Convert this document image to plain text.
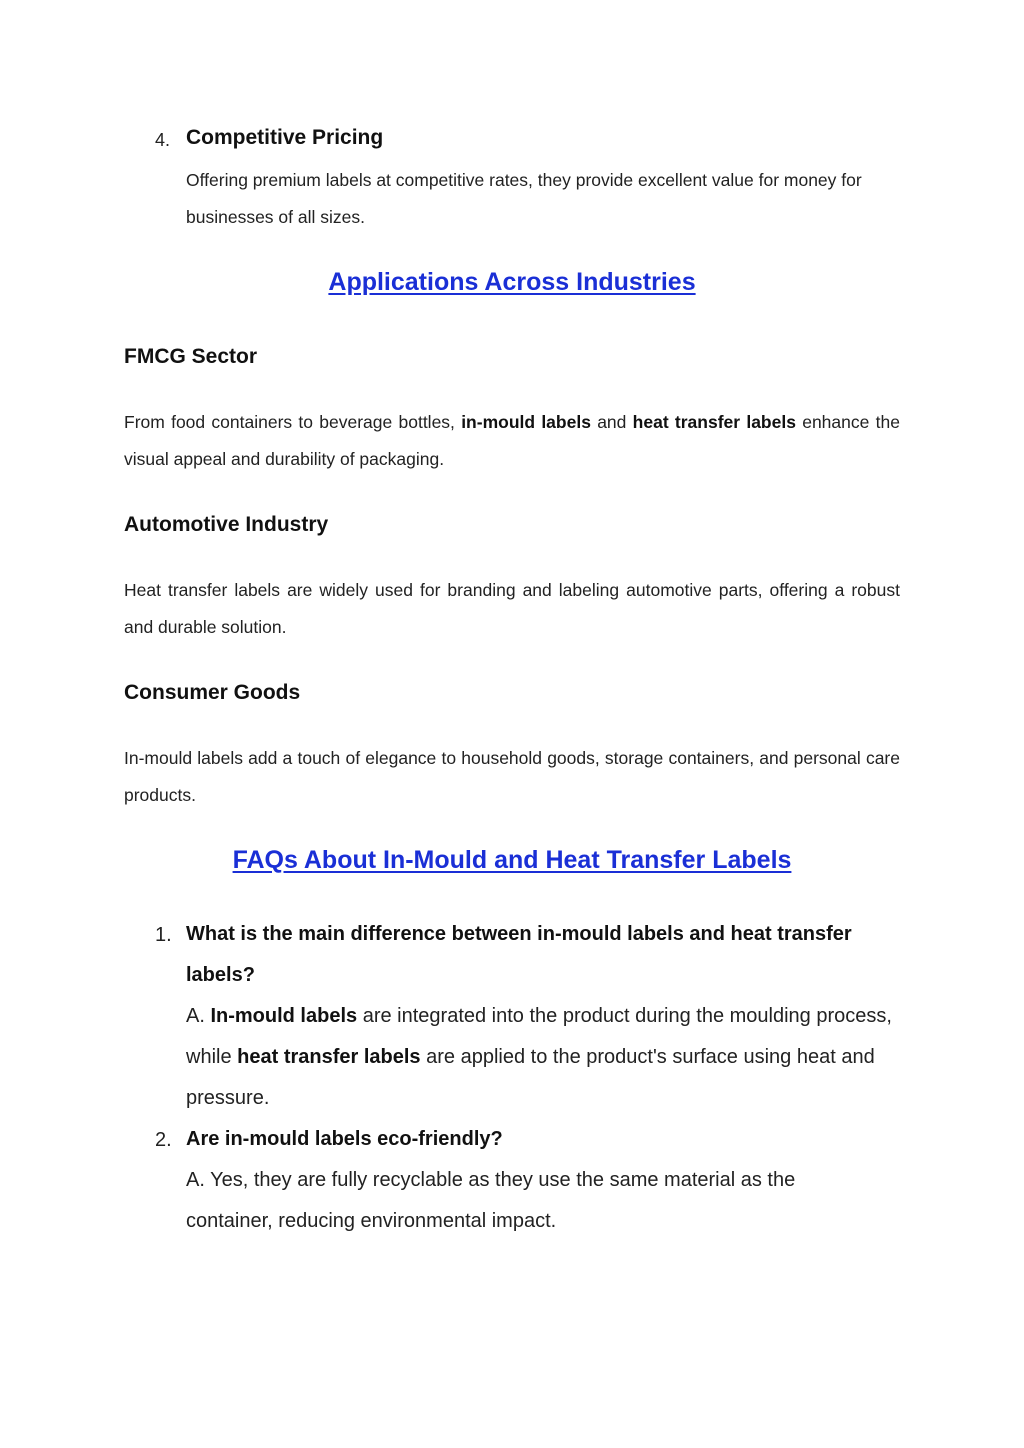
4. Competitive Pricing
Offering premium labels at competitive rates, they provide excellent value for money for businesses of all sizes.
Applications Across Industries
FMCG Sector
From food containers to beverage bottles, in-mould labels and heat transfer labels enhance the visual appeal and durability of packaging.
Automotive Industry
Heat transfer labels are widely used for branding and labeling automotive parts, offering a robust and durable solution.
Consumer Goods
In-mould labels add a touch of elegance to household goods, storage containers, and personal care products.
FAQs About In-Mould and Heat Transfer Labels
1. What is the main difference between in-mould labels and heat transfer labels?
A. In-mould labels are integrated into the product during the moulding process, while heat transfer labels are applied to the product's surface using heat and pressure.
2. Are in-mould labels eco-friendly?
A. Yes, they are fully recyclable as they use the same material as the container, reducing environmental impact.
